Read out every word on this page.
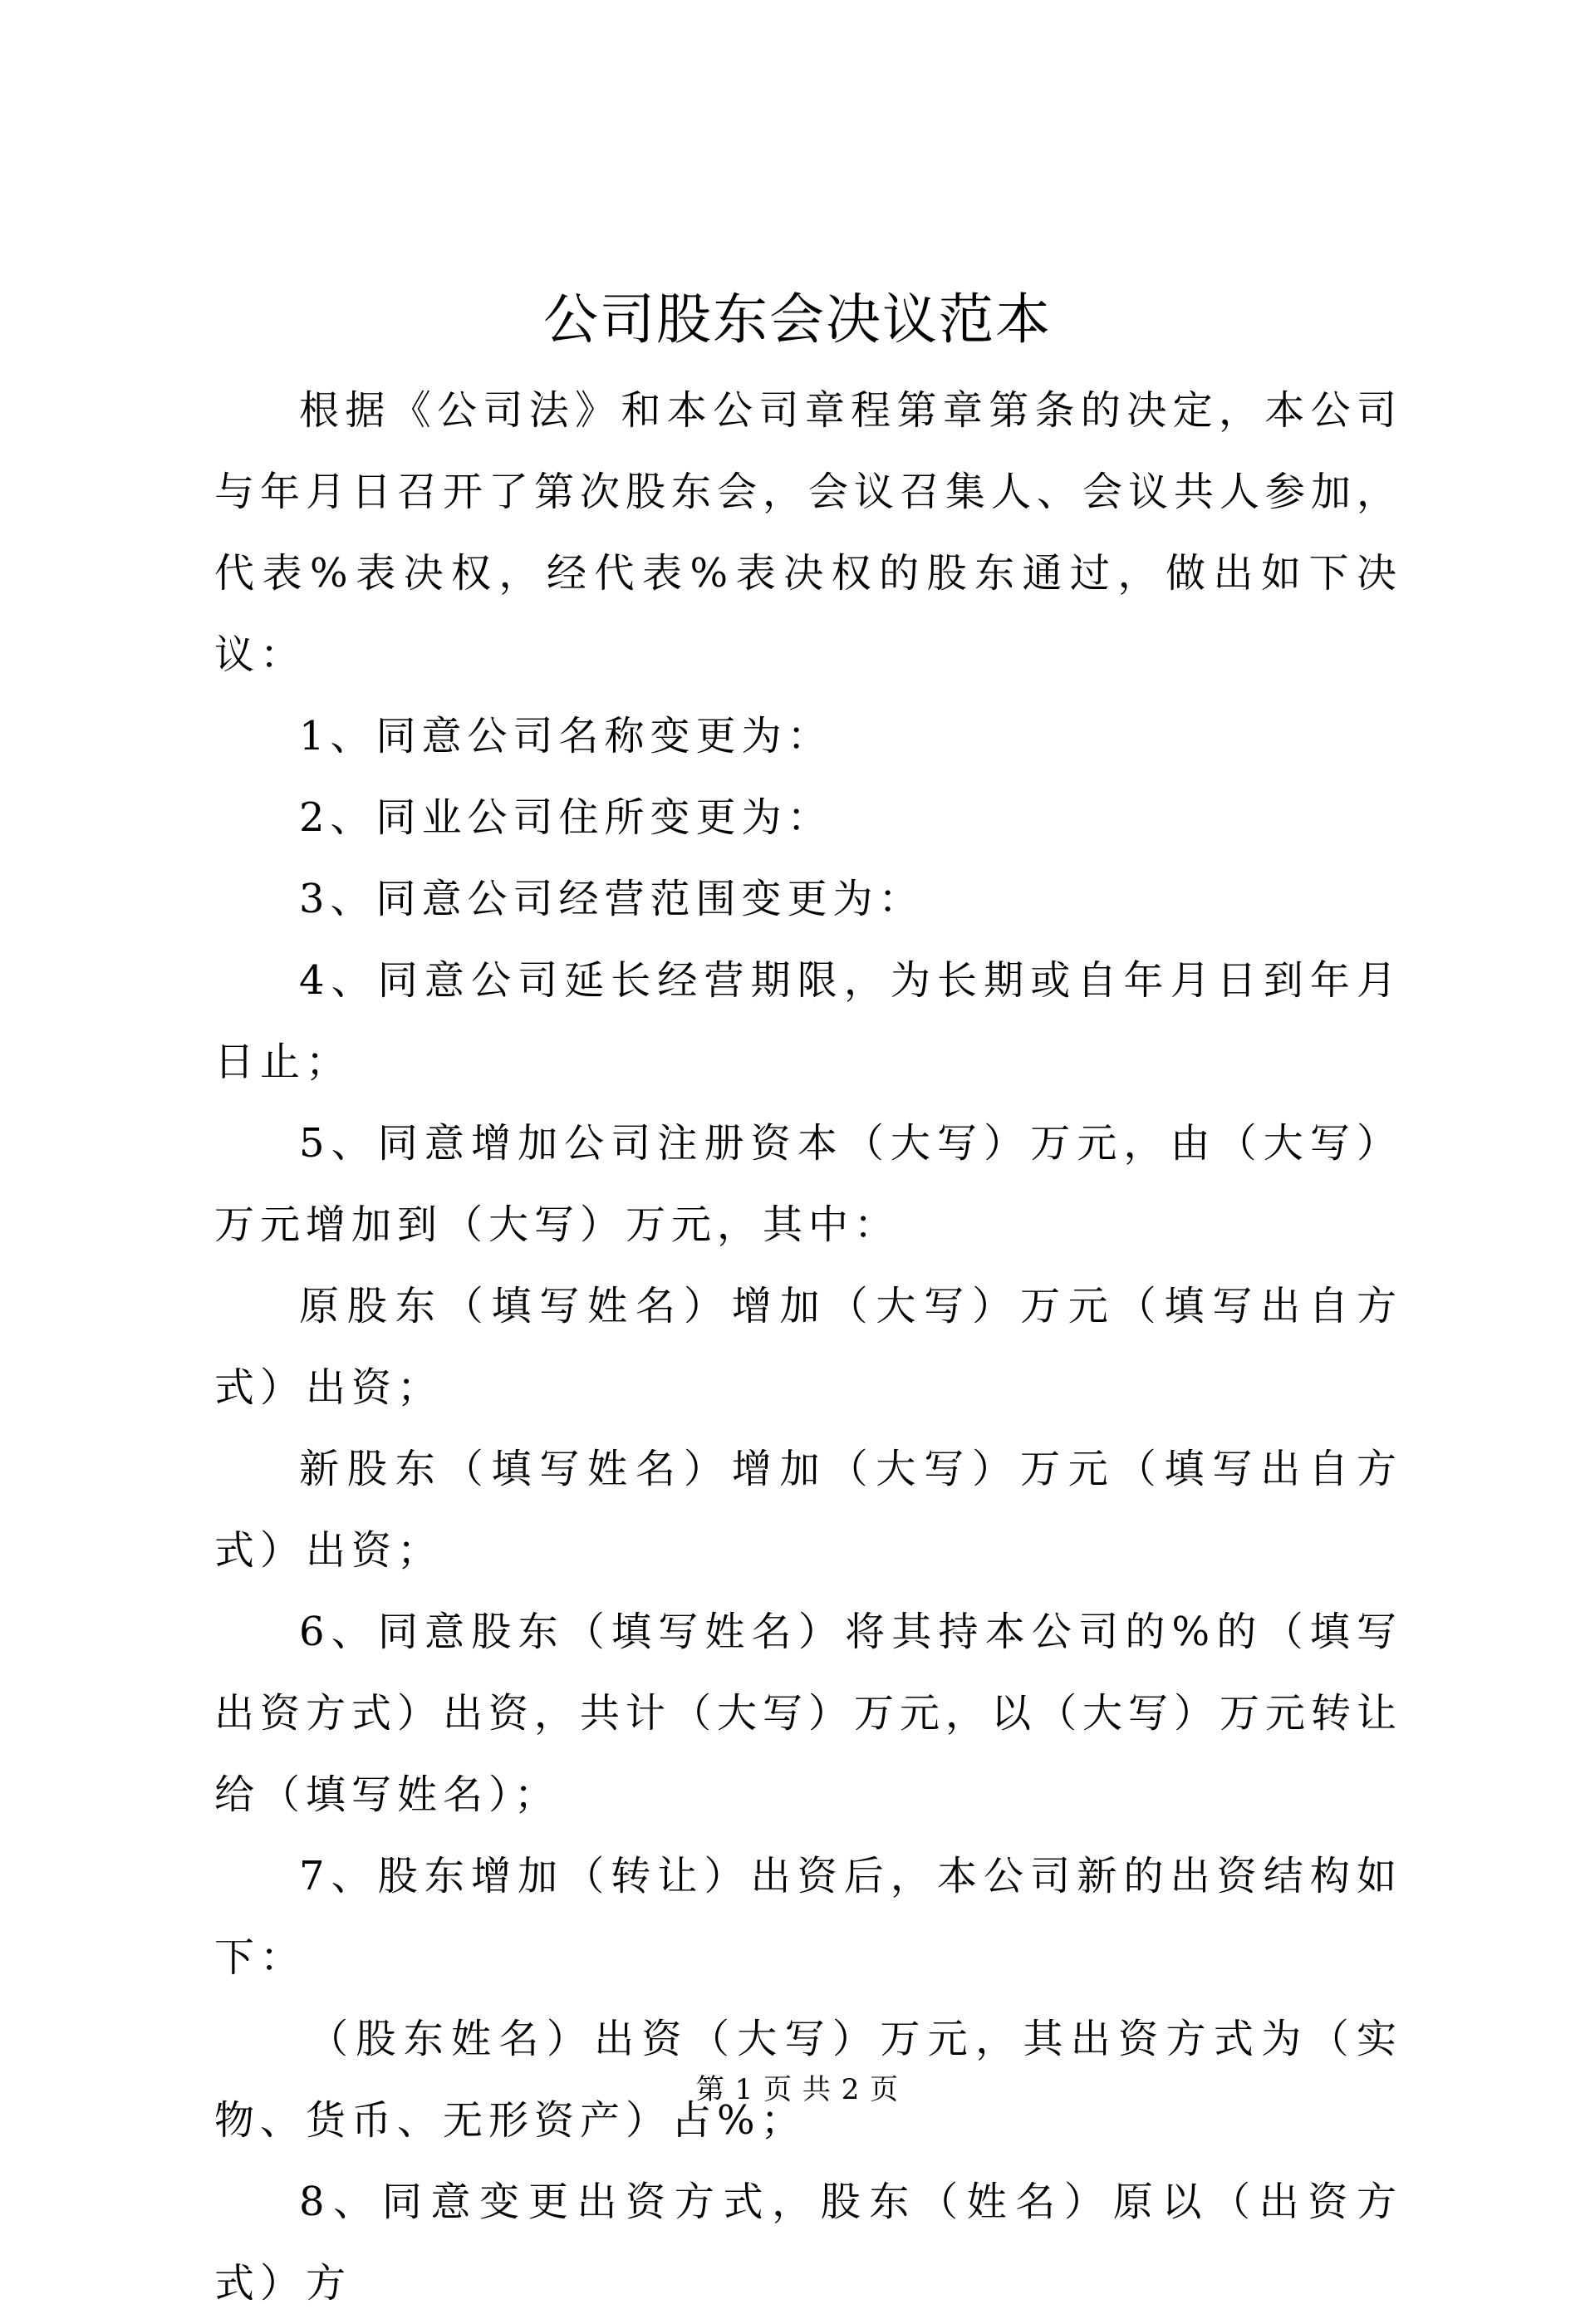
公司股东会决议范本

根据《公司法》和本公司章程第章第条的决定，本公司与年月日召开了第次股东会，会议召集人、会议共人参加，代表%表决权，经代表%表决权的股东通过，做出如下决议：

1、同意公司名称变更为：

2、同业公司住所变更为：

3、同意公司经营范围变更为：

4、同意公司延长经营期限，为长期或自年月日到年月日止；

5、同意增加公司注册资本（大写）万元，由（大写）万元增加到（大写）万元，其中：

原股东（填写姓名）增加（大写）万元（填写出自方式）出资；

新股东（填写姓名）增加（大写）万元（填写出自方式）出资；

6、同意股东（填写姓名）将其持本公司的%的（填写出资方式）出资，共计（大写）万元，以（大写）万元转让给（填写姓名）；

7、股东增加（转让）出资后，本公司新的出资结构如下：

（股东姓名）出资（大写）万元，其出资方式为（实物、货币、无形资产）占%；

8、同意变更出资方式，股东（姓名）原以（出资方式）方

第 1 页 共 2 页
